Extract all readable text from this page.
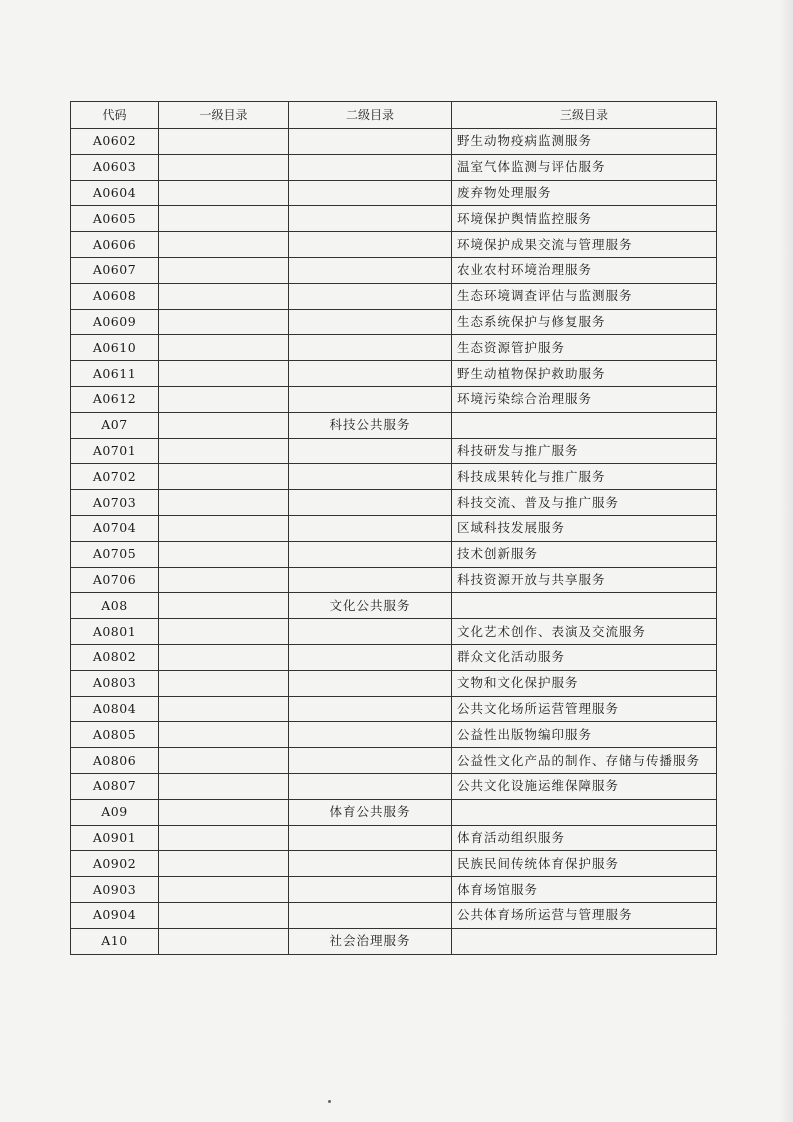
代码	一级目录	二级目录	三级目录
A0602			野生动物疫病监测服务
A0603			温室气体监测与评估服务
A0604			废弃物处理服务
A0605			环境保护舆情监控服务
A0606			环境保护成果交流与管理服务
A0607			农业农村环境治理服务
A0608			生态环境调查评估与监测服务
A0609			生态系统保护与修复服务
A0610			生态资源管护服务
A0611			野生动植物保护救助服务
A0612			环境污染综合治理服务
A07		科技公共服务	
A0701			科技研发与推广服务
A0702			科技成果转化与推广服务
A0703			科技交流、普及与推广服务
A0704			区域科技发展服务
A0705			技术创新服务
A0706			科技资源开放与共享服务
A08		文化公共服务	
A0801			文化艺术创作、表演及交流服务
A0802			群众文化活动服务
A0803			文物和文化保护服务
A0804			公共文化场所运营管理服务
A0805			公益性出版物编印服务
A0806			公益性文化产品的制作、存储与传播服务
A0807			公共文化设施运维保障服务
A09		体育公共服务	
A0901			体育活动组织服务
A0902			民族民间传统体育保护服务
A0903			体育场馆服务
A0904			公共体育场所运营与管理服务
A10		社会治理服务	
